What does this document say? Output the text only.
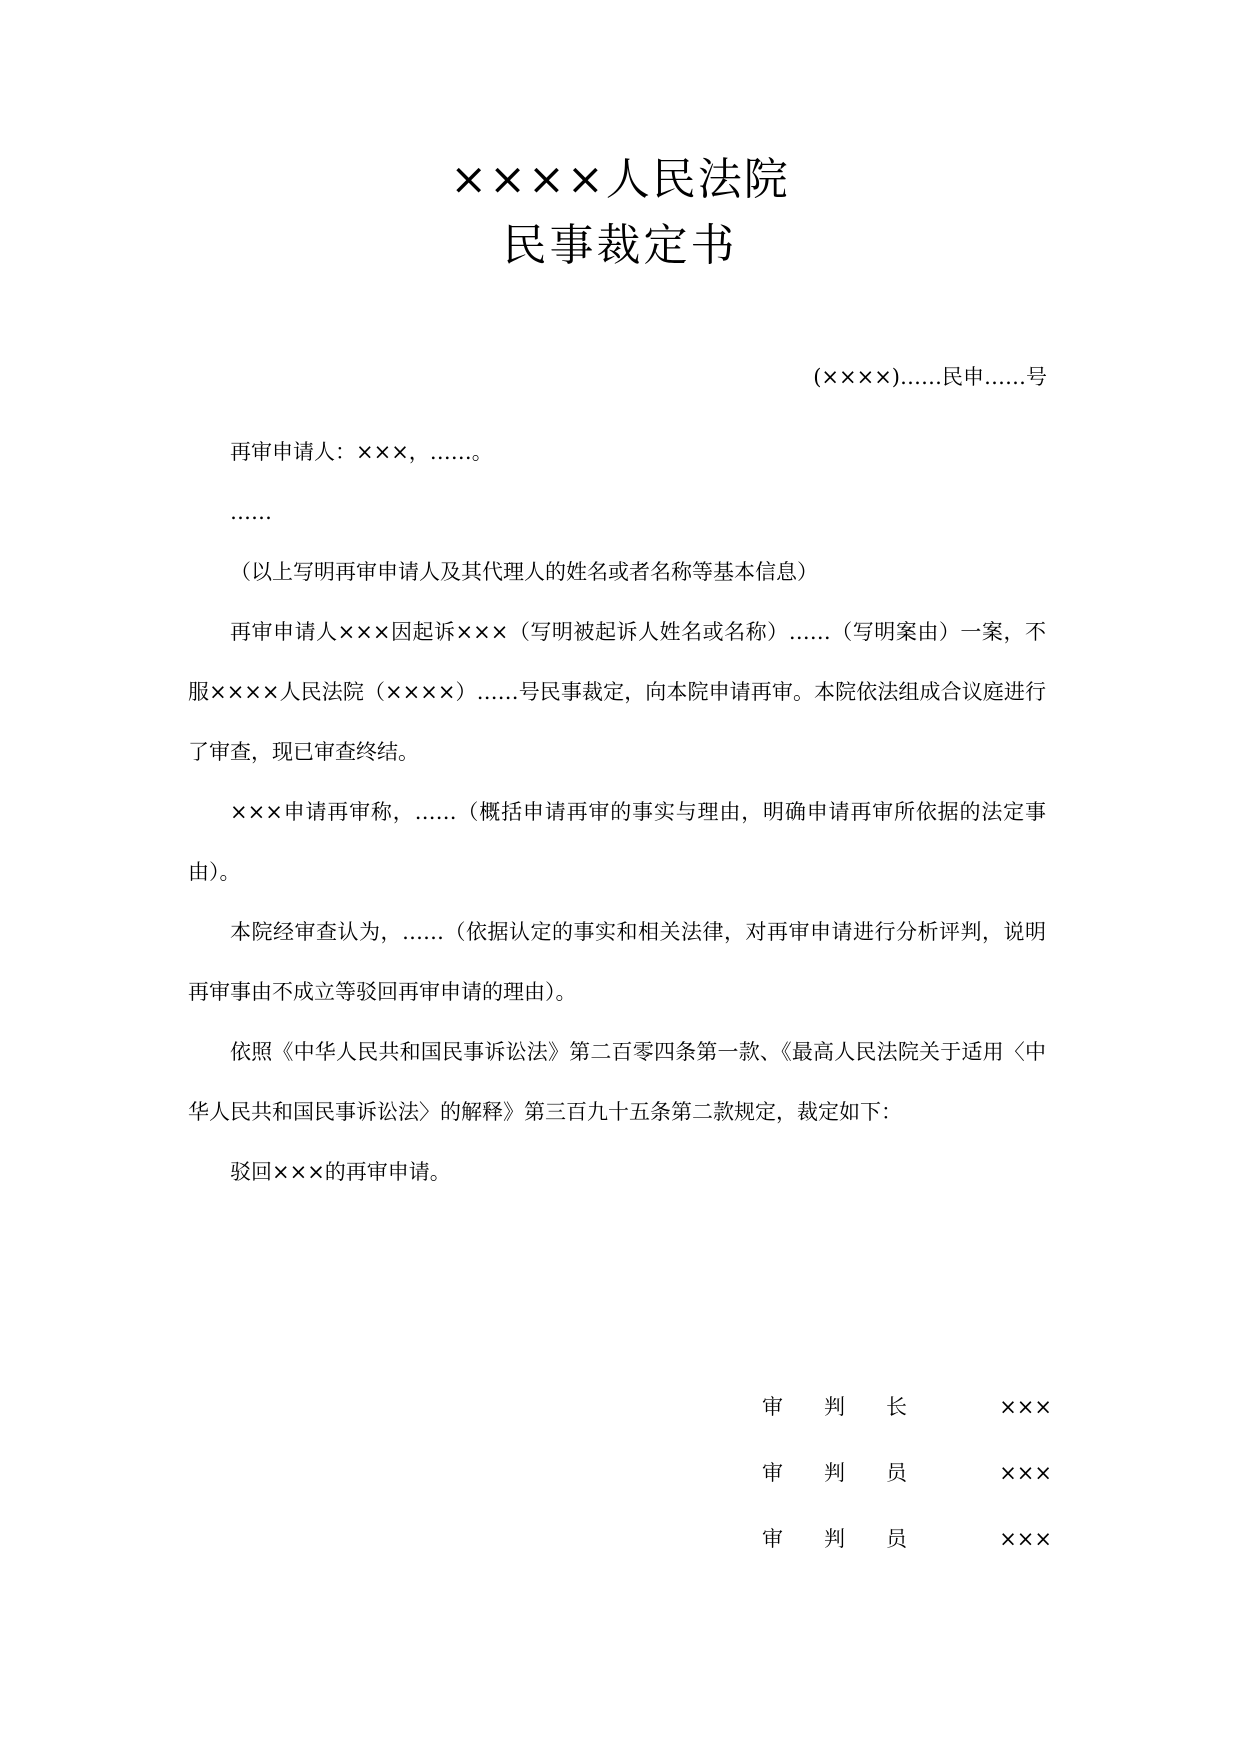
××××人民法院
民事裁定书
(××××)……民申……号

再审申请人：×××，……。

……

（以上写明再审申请人及其代理人的姓名或者名称等基本信息）

再审申请人×××因起诉×××（写明被起诉人姓名或名称）……（写明案由）一案，不服××××人民法院（××××）……号民事裁定，向本院申请再审。本院依法组成合议庭进行了审查，现已审查终结。

×××申请再审称，……（概括申请再审的事实与理由，明确申请再审所依据的法定事由）。

本院经审查认为，……（依据认定的事实和相关法律，对再审申请进行分析评判，说明再审事由不成立等驳回再审申请的理由）。

依照《中华人民共和国民事诉讼法》第二百零四条第一款、《最高人民法院关于适用〈中华人民共和国民事诉讼法〉的解释》第三百九十五条第二款规定，裁定如下：

驳回×××的再审申请。

审 判 长	×××
审 判 员	×××
审 判 员	×××
